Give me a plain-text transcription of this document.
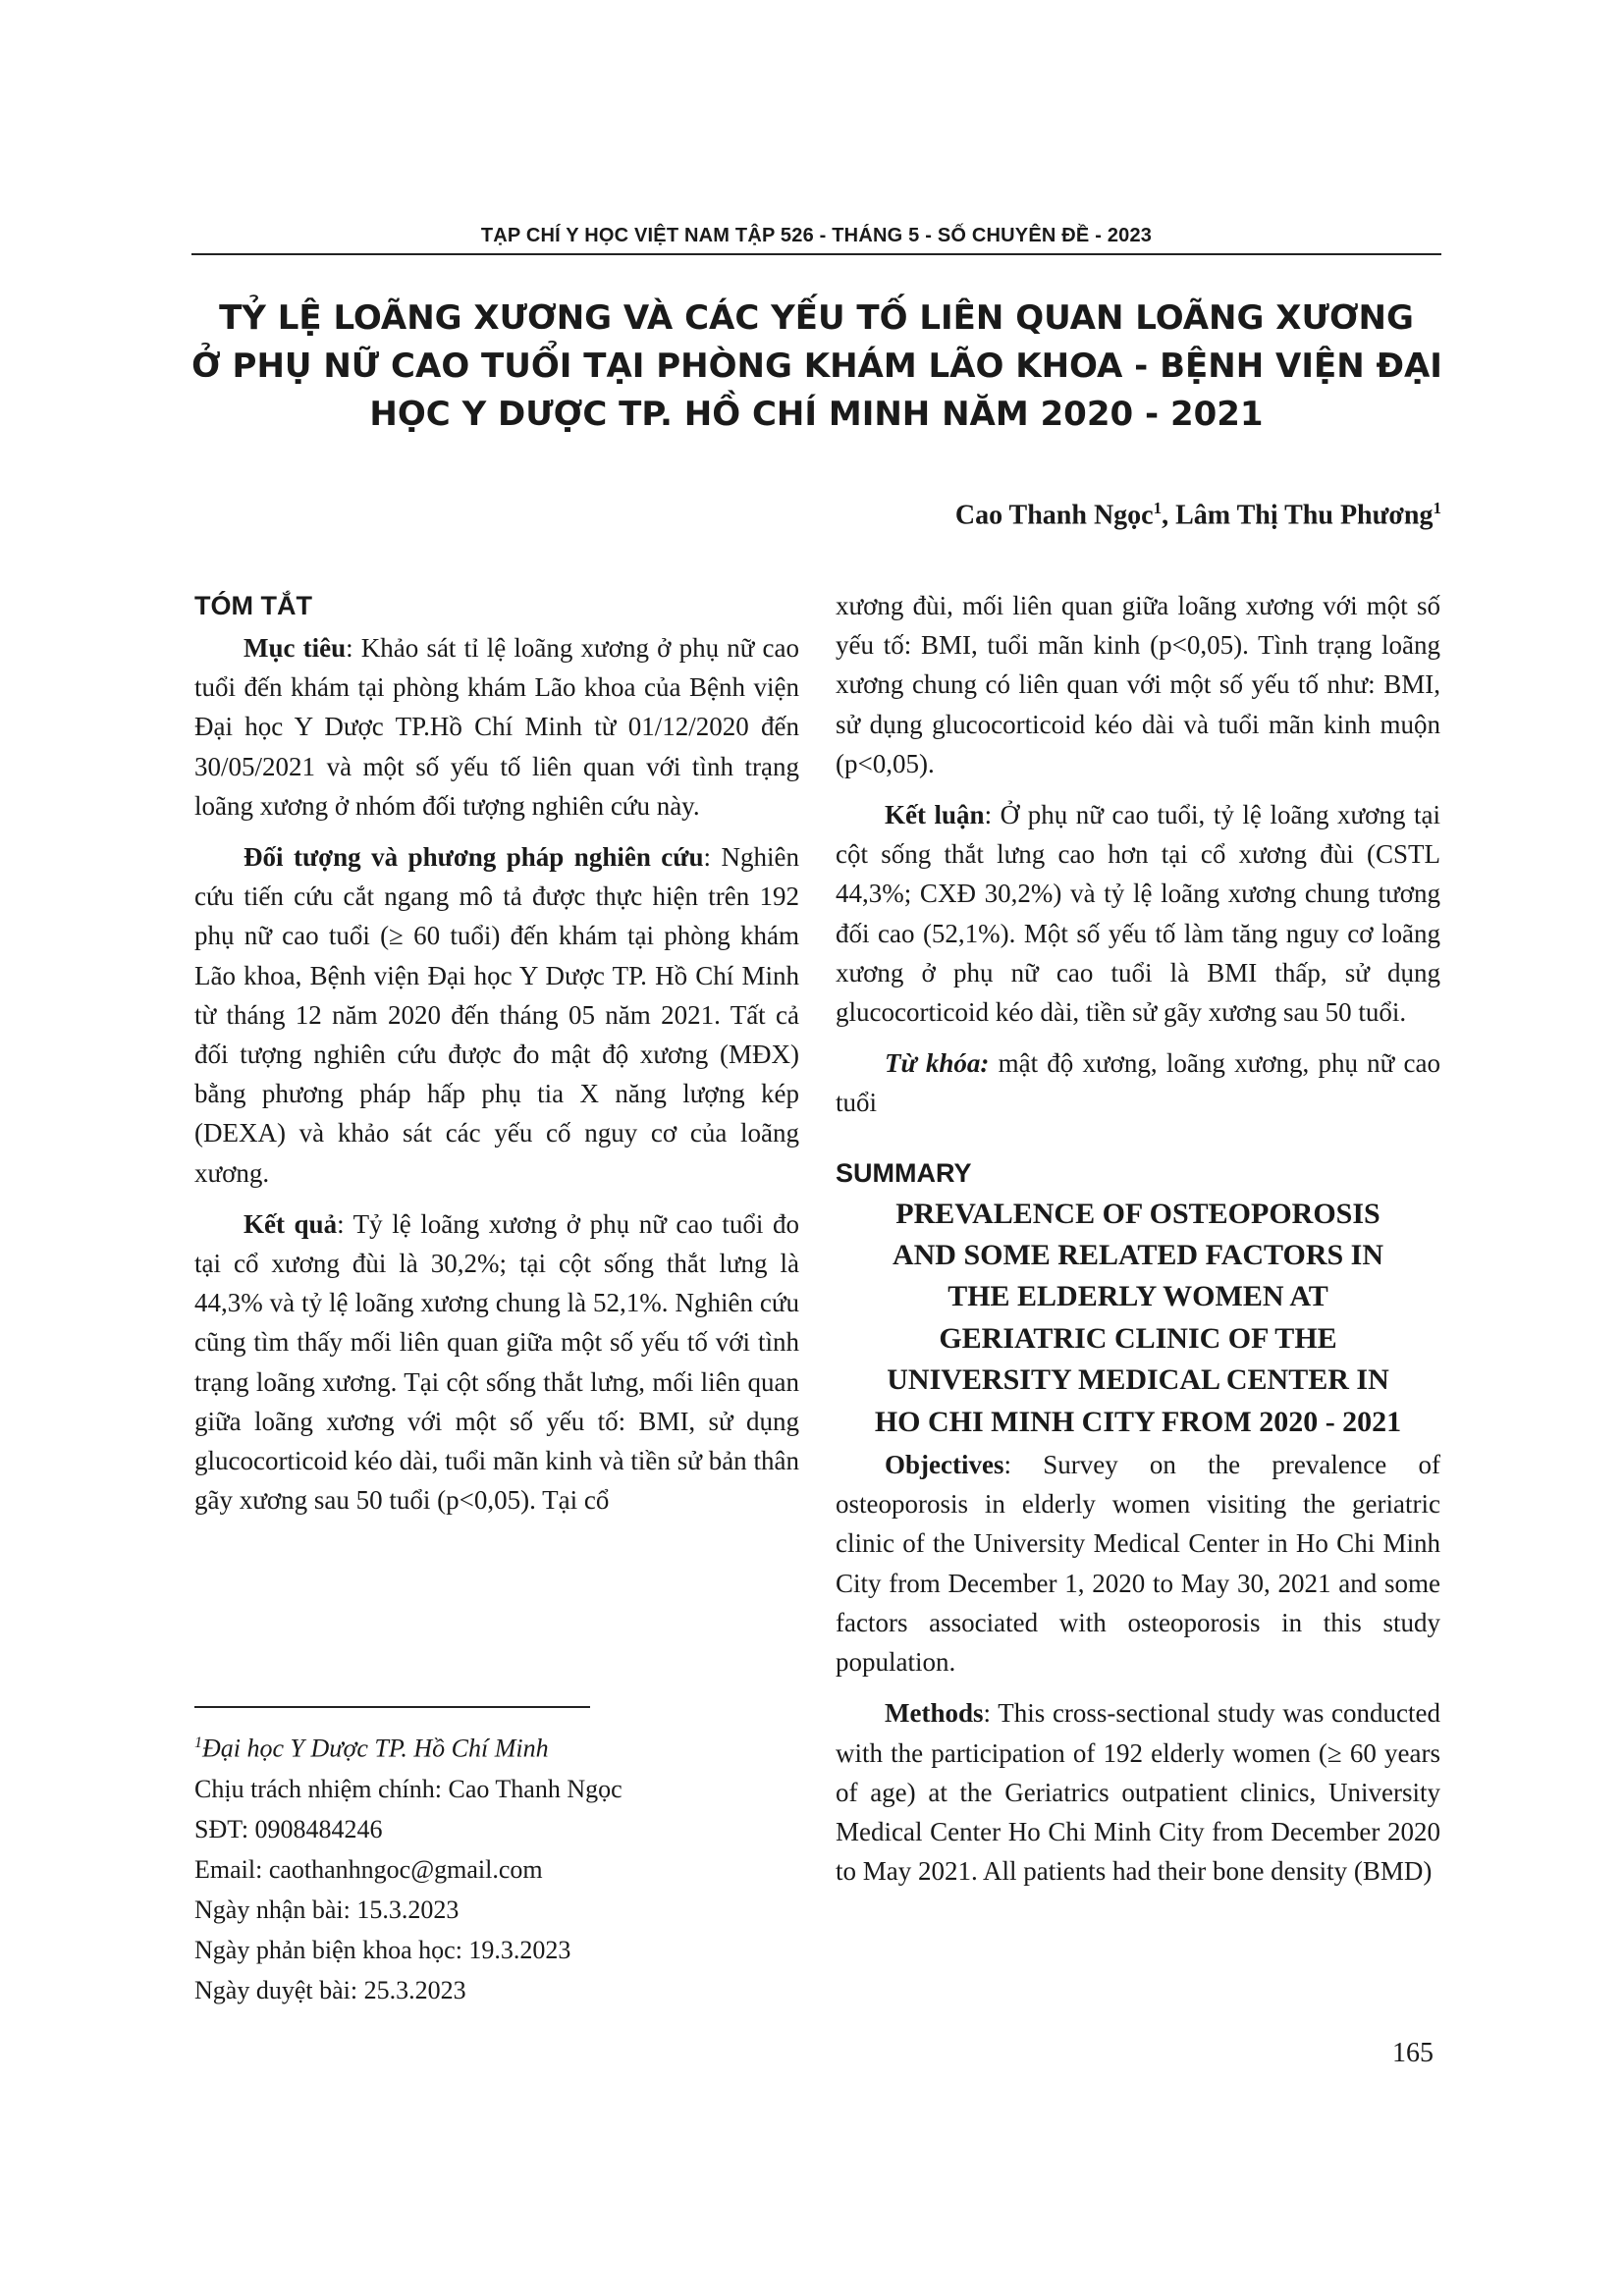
TẠP CHÍ Y HỌC VIỆT NAM TẬP 526 - THÁNG 5 - SỐ CHUYÊN ĐỀ - 2023
TỶ LỆ LOÃNG XƯƠNG VÀ CÁC YẾU TỐ LIÊN QUAN LOÃNG XƯƠNG
Ở PHỤ NỮ CAO TUỔI TẠI PHÒNG KHÁM LÃO KHOA - BỆNH VIỆN ĐẠI
HỌC Y DƯỢC TP. HỒ CHÍ MINH NĂM 2020 - 2021
Cao Thanh Ngọc$^1$, Lâm Thị Thu Phương$^1$
TÓM TẮT

Mục tiêu: Khảo sát tỉ lệ loãng xương ở phụ nữ cao tuổi đến khám tại phòng khám Lão khoa của Bệnh viện Đại học Y Dược TP.Hồ Chí Minh từ 01/12/2020 đến 30/05/2021 và một số yếu tố liên quan với tình trạng loãng xương ở nhóm đối tượng nghiên cứu này.

Đối tượng và phương pháp nghiên cứu: Nghiên cứu tiến cứu cắt ngang mô tả được thực hiện trên 192 phụ nữ cao tuổi (≥ 60 tuổi) đến khám tại phòng khám Lão khoa, Bệnh viện Đại học Y Dược TP. Hồ Chí Minh từ tháng 12 năm 2020 đến tháng 05 năm 2021. Tất cả đối tượng nghiên cứu được đo mật độ xương (MĐX) bằng phương pháp hấp phụ tia X năng lượng kép (DEXA) và khảo sát các yếu cố nguy cơ của loãng xương.

Kết quả: Tỷ lệ loãng xương ở phụ nữ cao tuổi đo tại cổ xương đùi là 30,2%; tại cột sống thắt lưng là 44,3% và tỷ lệ loãng xương chung là 52,1%. Nghiên cứu cũng tìm thấy mối liên quan giữa một số yếu tố với tình trạng loãng xương. Tại cột sống thắt lưng, mối liên quan giữa loãng xương với một số yếu tố: BMI, sử dụng glucocorticoid kéo dài, tuổi mãn kinh và tiền sử bản thân gãy xương sau 50 tuổi (p<0,05). Tại cổ

$^1$Đại học Y Dược TP. Hồ Chí Minh
Chịu trách nhiệm chính: Cao Thanh Ngọc
SĐT: 0908484246
Email: caothanhngoc@gmail.com
Ngày nhận bài: 15.3.2023
Ngày phản biện khoa học: 19.3.2023
Ngày duyệt bài: 25.3.2023

xương đùi, mối liên quan giữa loãng xương với một số yếu tố: BMI, tuổi mãn kinh (p<0,05). Tình trạng loãng xương chung có liên quan với một số yếu tố như: BMI, sử dụng glucocorticoid kéo dài và tuổi mãn kinh muộn (p<0,05).

Kết luận: Ở phụ nữ cao tuổi, tỷ lệ loãng xương tại cột sống thắt lưng cao hơn tại cổ xương đùi (CSTL 44,3%; CXĐ 30,2%) và tỷ lệ loãng xương chung tương đối cao (52,1%). Một số yếu tố làm tăng nguy cơ loãng xương ở phụ nữ cao tuổi là BMI thấp, sử dụng glucocorticoid kéo dài, tiền sử gãy xương sau 50 tuổi.

Từ khóa: mật độ xương, loãng xương, phụ nữ cao tuổi

SUMMARY
PREVALENCE OF OSTEOPOROSIS
AND SOME RELATED FACTORS IN
THE ELDERLY WOMEN AT
GERIATRIC CLINIC OF THE
UNIVERSITY MEDICAL CENTER IN
HO CHI MINH CITY FROM 2020 - 2021

Objectives: Survey on the prevalence of osteoporosis in elderly women visiting the geriatric clinic of the University Medical Center in Ho Chi Minh City from December 1, 2020 to May 30, 2021 and some factors associated with osteoporosis in this study population.

Methods: This cross-sectional study was conducted with the participation of 192 elderly women (≥ 60 years of age) at the Geriatrics outpatient clinics, University Medical Center Ho Chi Minh City from December 2020 to May 2021. All patients had their bone density (BMD)

165
